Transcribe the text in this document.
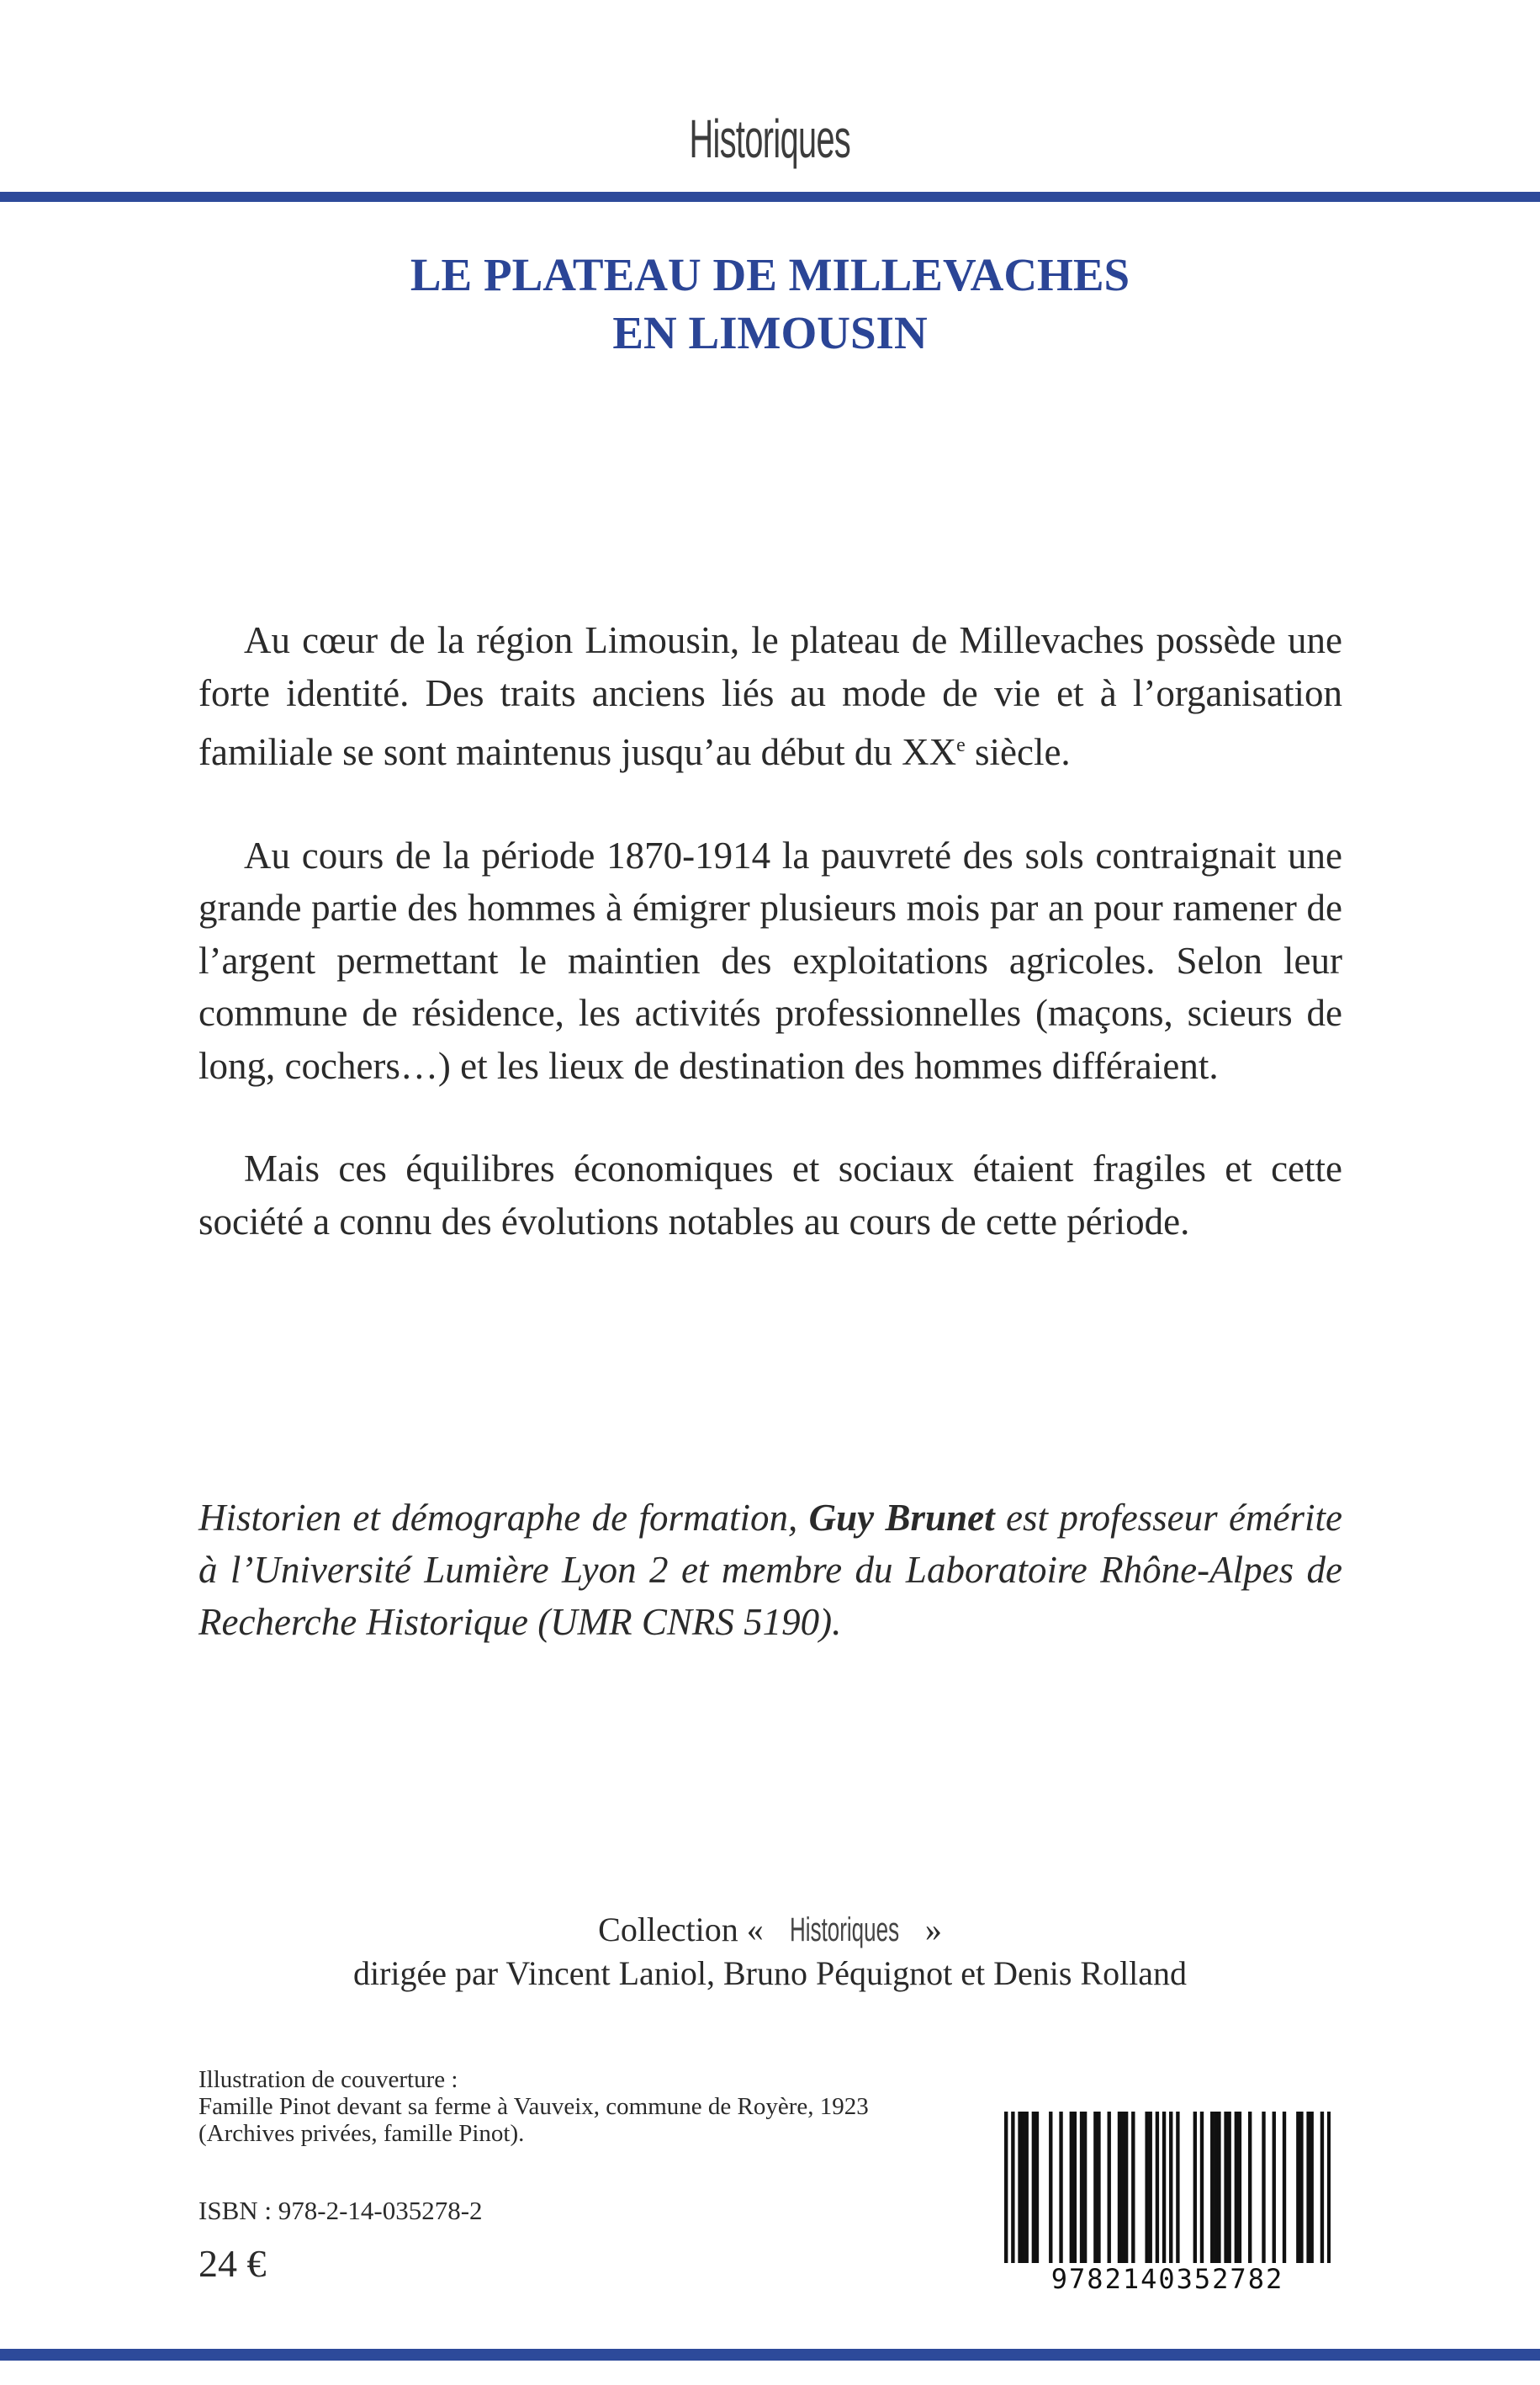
Historiques
LE PLATEAU DE MILLEVACHES
EN LIMOUSIN

Au cœur de la région Limousin, le plateau de Millevaches possède une forte identité. Des traits anciens liés au mode de vie et à l’organisation familiale se sont maintenus jusqu’au début du XXe siècle.

Au cours de la période 1870-1914 la pauvreté des sols contraignait une grande partie des hommes à émigrer plusieurs mois par an pour ramener de l’argent permettant le maintien des exploitations agricoles. Selon leur commune de résidence, les activités professionnelles (maçons, scieurs de long, cochers…) et les lieux de destination des hommes différaient.

Mais ces équilibres économiques et sociaux étaient fragiles et cette société a connu des évolutions notables au cours de cette période.

Historien et démographe de formation, Guy Brunet est professeur émérite à l’Université Lumière Lyon 2 et membre du Laboratoire Rhône-Alpes de Recherche Historique (UMR CNRS 5190).
Collection « Historiques »
dirigée par Vincent Laniol, Bruno Péquignot et Denis Rolland
Illustration de couverture :
Famille Pinot devant sa ferme à Vauveix, commune de Royère, 1923
(Archives privées, famille Pinot).
ISBN : 978-2-14-035278-2
24 €	9782140352782
